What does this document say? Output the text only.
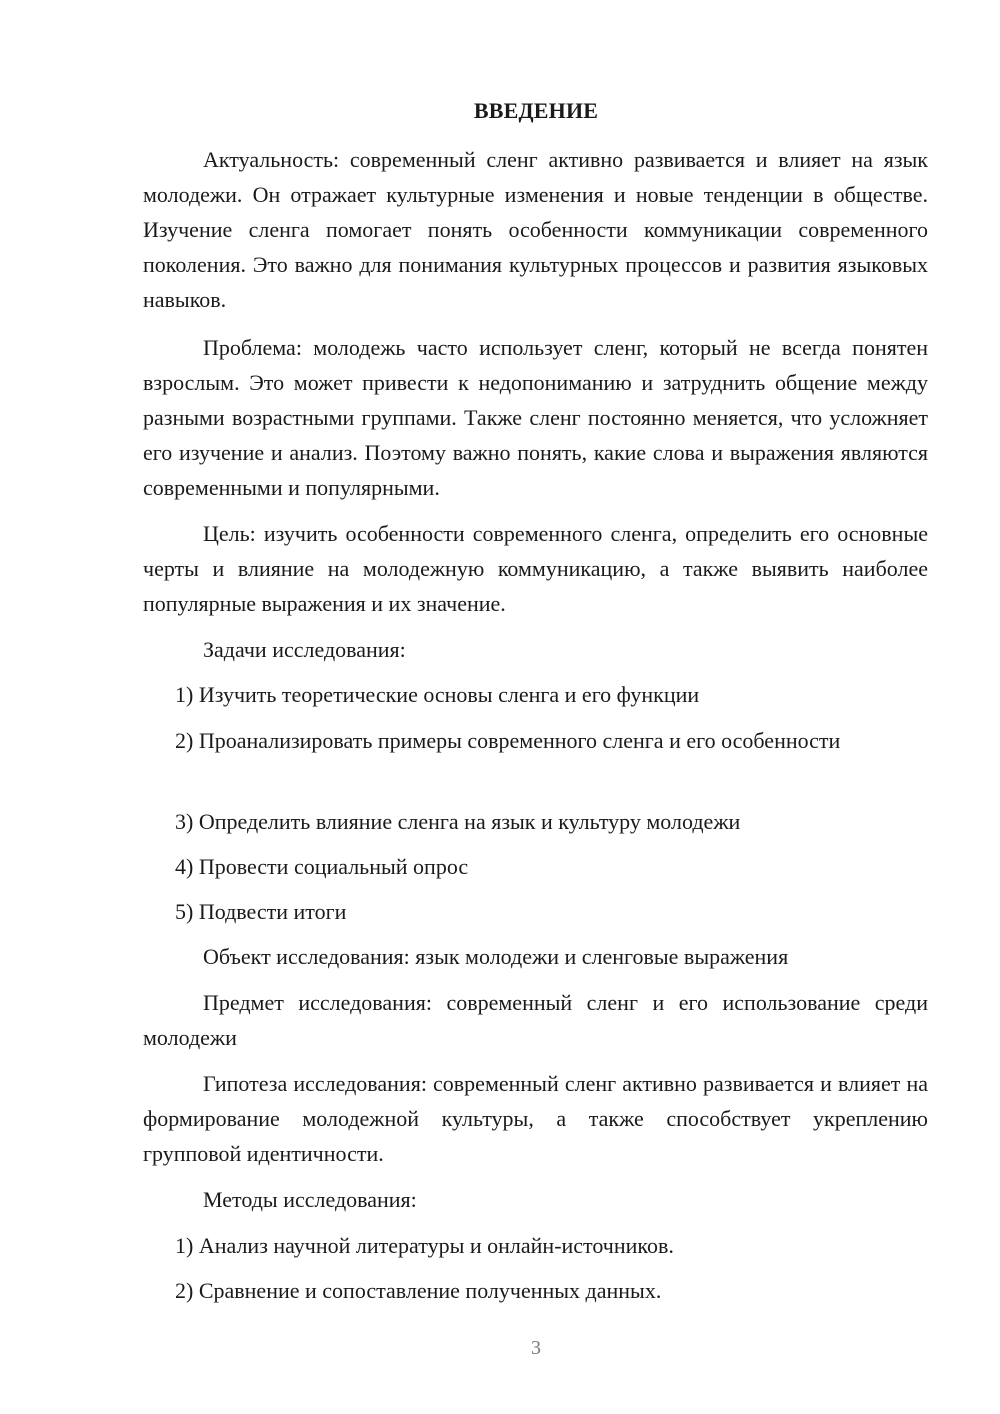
ВВЕДЕНИЕ

Актуальность: современный сленг активно развивается и влияет на язык молодежи. Он отражает культурные изменения и новые тенденции в обществе. Изучение сленга помогает понять особенности коммуникации современного поколения. Это важно для понимания культурных процессов и развития языковых навыков.

Проблема: молодежь часто использует сленг, который не всегда понятен взрослым. Это может привести к недопониманию и затруднить общение между разными возрастными группами. Также сленг постоянно меняется, что усложняет его изучение и анализ. Поэтому важно понять, какие слова и выражения являются современными и популярными.

Цель: изучить особенности современного сленга, определить его основные черты и влияние на молодежную коммуникацию, а также выявить наиболее популярные выражения и их значение.

Задачи исследования:

1) Изучить теоретические основы сленга и его функции

2) Проанализировать примеры современного сленга и его особенности

3) Определить влияние сленга на язык и культуру молодежи

4) Провести социальный опрос

5) Подвести итоги

Объект исследования: язык молодежи и сленговые выражения

Предмет исследования: современный сленг и его использование среди молодежи

Гипотеза исследования: современный сленг активно развивается и влияет на формирование молодежной культуры, а также способствует укреплению групповой идентичности.

Методы исследования:

1) Анализ научной литературы и онлайн-источников.

2) Сравнение и сопоставление полученных данных.

3
